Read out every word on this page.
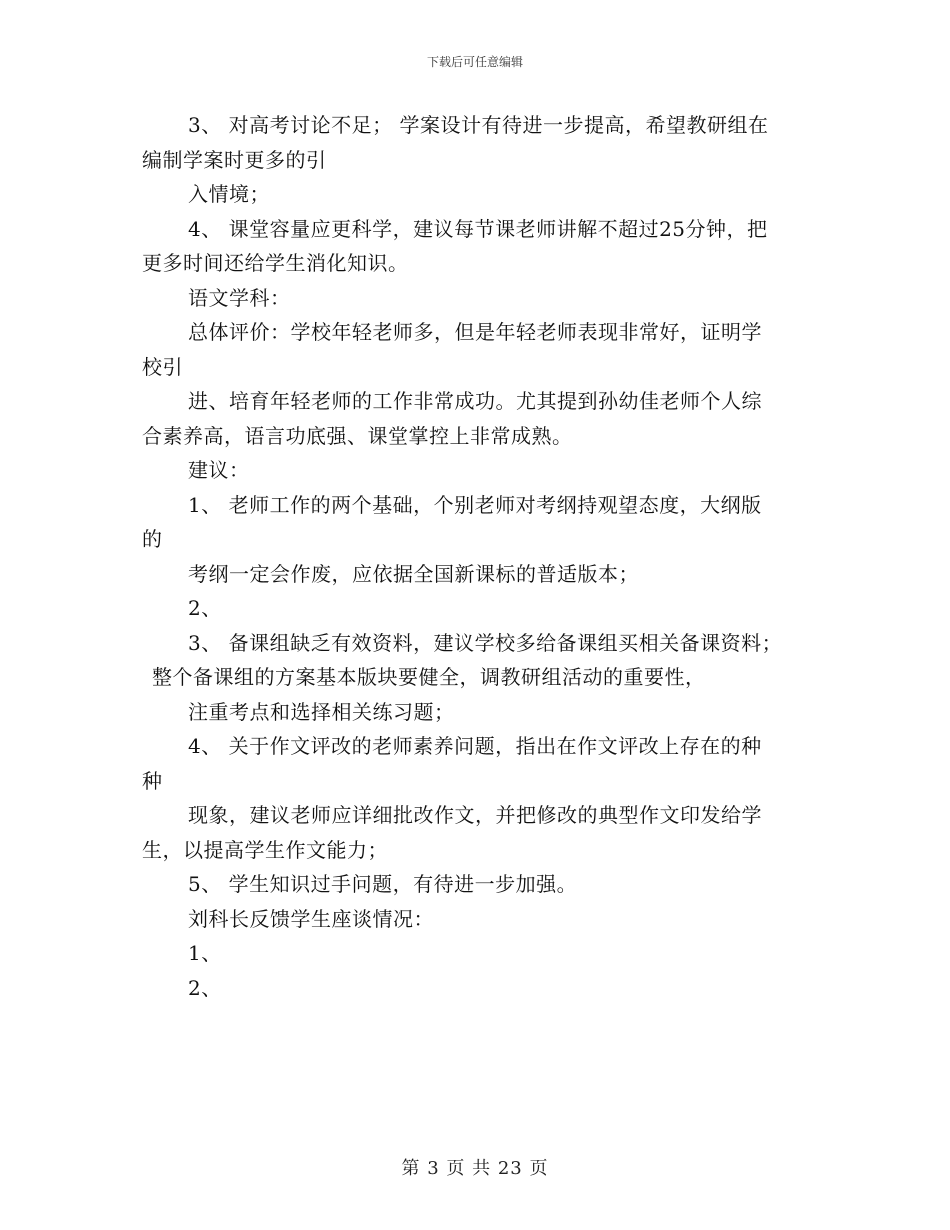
下载后可任意编辑
3、 对高考讨论不足； 学案设计有待进一步提高，希望教研组在
编制学案时更多的引
入情境；
4、 课堂容量应更科学，建议每节课老师讲解不超过25分钟，把
更多时间还给学生消化知识。
语文学科：
总体评价：学校年轻老师多，但是年轻老师表现非常好，证明学
校引
进、培育年轻老师的工作非常成功。尤其提到孙幼佳老师个人综
合素养高，语言功底强、课堂掌控上非常成熟。
建议：
1、 老师工作的两个基础，个别老师对考纲持观望态度，大纲版
的
考纲一定会作废，应依据全国新课标的普适版本；
2、
3、 备课组缺乏有效资料，建议学校多给备课组买相关备课资料；
整个备课组的方案基本版块要健全，调教研组活动的重要性，
注重考点和选择相关练习题；
4、 关于作文评改的老师素养问题，指出在作文评改上存在的种
种
现象，建议老师应详细批改作文，并把修改的典型作文印发给学
生，以提高学生作文能力；
5、 学生知识过手问题，有待进一步加强。
刘科长反馈学生座谈情况：
1、
2、
第 3 页 共 23 页
